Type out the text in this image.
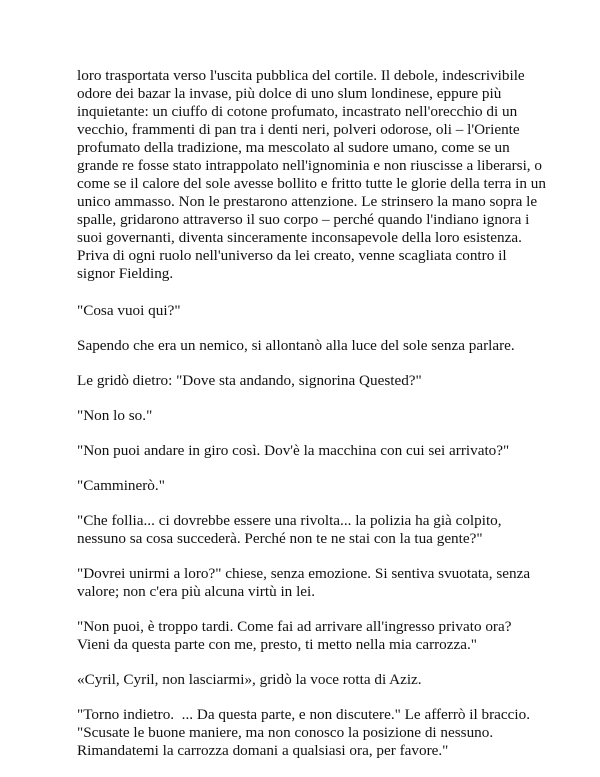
loro trasportata verso l'uscita pubblica del cortile. Il debole, indescrivibile odore dei bazar la invase, più dolce di uno slum londinese, eppure più inquietante: un ciuffo di cotone profumato, incastrato nell'orecchio di un vecchio, frammenti di pan tra i denti neri, polveri odorose, oli – l'Oriente profumato della tradizione, ma mescolato al sudore umano, come se un grande re fosse stato intrappolato nell'ignominia e non riuscisse a liberarsi, o come se il calore del sole avesse bollito e fritto tutte le glorie della terra in un unico ammasso. Non le prestarono attenzione. Le strinsero la mano sopra le spalle, gridarono attraverso il suo corpo – perché quando l'indiano ignora i suoi governanti, diventa sinceramente inconsapevole della loro esistenza. Priva di ogni ruolo nell'universo da lei creato, venne scagliata contro il signor Fielding.

"Cosa vuoi qui?"

Sapendo che era un nemico, si allontanò alla luce del sole senza parlare.

Le gridò dietro: "Dove sta andando, signorina Quested?"

"Non lo so."

"Non puoi andare in giro così. Dov'è la macchina con cui sei arrivato?"

"Camminerò."

"Che follia... ci dovrebbe essere una rivolta... la polizia ha già colpito, nessuno sa cosa succederà. Perché non te ne stai con la tua gente?"

"Dovrei unirmi a loro?" chiese, senza emozione. Si sentiva svuotata, senza valore; non c'era più alcuna virtù in lei.

"Non puoi, è troppo tardi. Come fai ad arrivare all'ingresso privato ora? Vieni da questa parte con me, presto, ti metto nella mia carrozza."

«Cyril, Cyril, non lasciarmi», gridò la voce rotta di Aziz.

"Torno indietro.  ... Da questa parte, e non discutere." Le afferrò il braccio. "Scusate le buone maniere, ma non conosco la posizione di nessuno. Rimandatemi la carrozza domani a qualsiasi ora, per favore."
